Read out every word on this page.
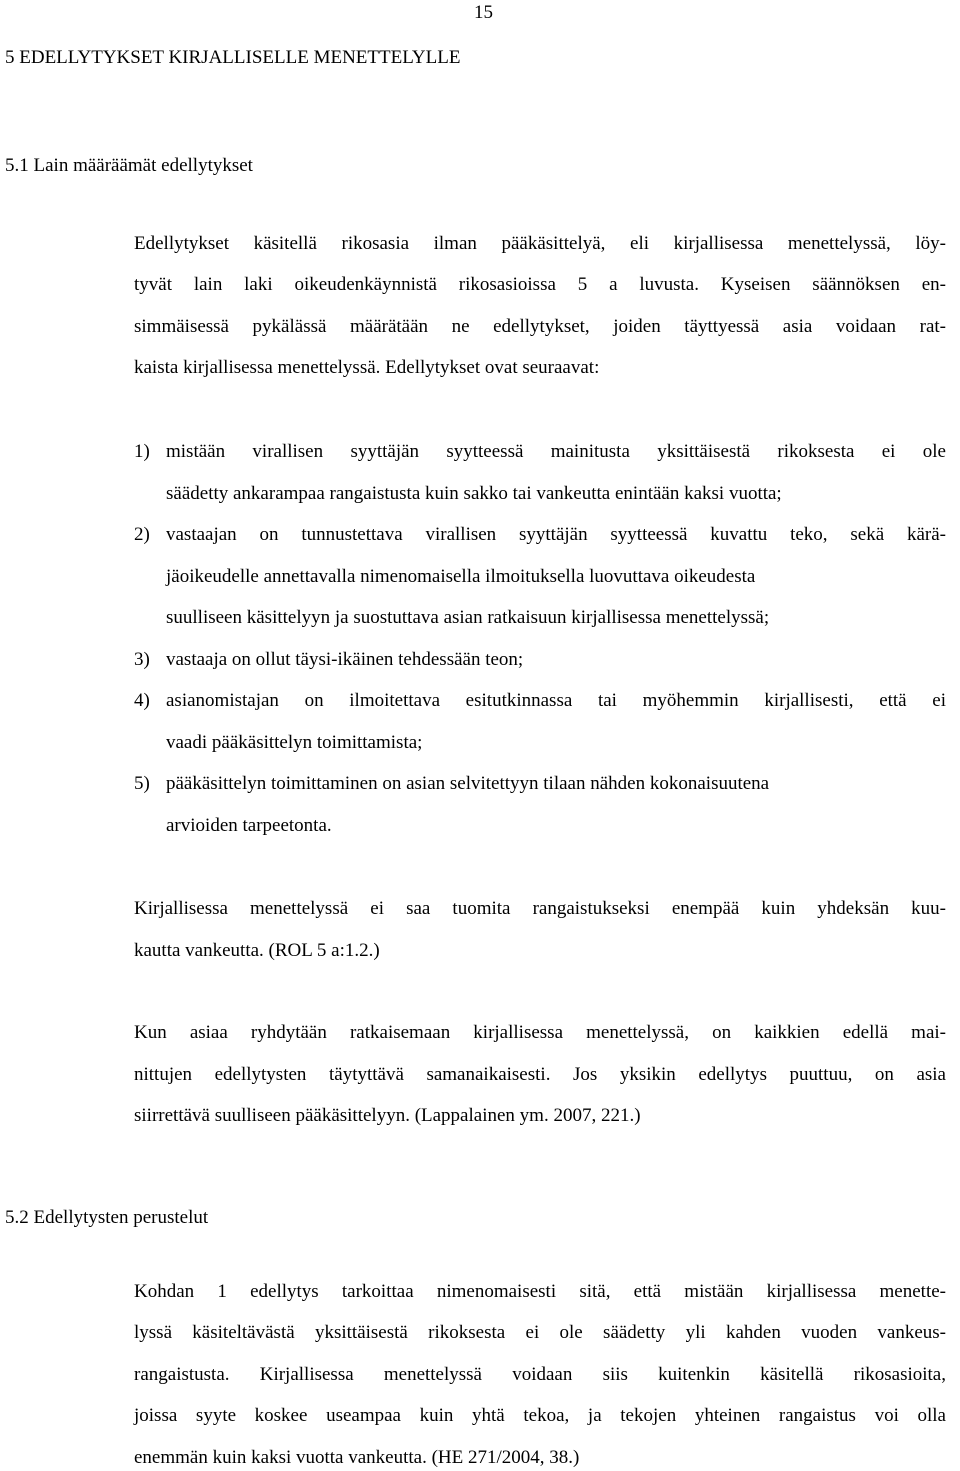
15
5 EDELLYTYKSET KIRJALLISELLE MENETTELYLLE
5.1 Lain määräämät edellytykset
Edellytykset käsitellä rikosasia ilman pääkäsittelyä, eli kirjallisessa menettelyssä, löy-
tyvät lain laki oikeudenkäynnistä rikosasioissa 5 a luvusta. Kyseisen säännöksen en-
simmäisessä pykälässä määrätään ne edellytykset, joiden täyttyessä asia voidaan rat-
kaista kirjallisessa menettelyssä. Edellytykset ovat seuraavat:
1) mistään virallisen syyttäjän syytteessä mainitusta yksittäisestä rikoksesta ei ole
säädetty ankarampaa rangaistusta kuin sakko tai vankeutta enintään kaksi vuotta;
2) vastaajan on tunnustettava virallisen syyttäjän syytteessä kuvattu teko, sekä kärä-
jäoikeudelle annettavalla nimenomaisella ilmoituksella luovuttava oikeudesta
suulliseen käsittelyyn ja suostuttava asian ratkaisuun kirjallisessa menettelyssä;
3) vastaaja on ollut täysi-ikäinen tehdessään teon;
4) asianomistajan on ilmoitettava esitutkinnassa tai myöhemmin kirjallisesti, että ei
vaadi pääkäsittelyn toimittamista;
5) pääkäsittelyn toimittaminen on asian selvitettyyn tilaan nähden kokonaisuutena
arvioiden tarpeetonta.
Kirjallisessa menettelyssä ei saa tuomita rangaistukseksi enempää kuin yhdeksän kuu-
kautta vankeutta. (ROL 5 a:1.2.)
Kun asiaa ryhdytään ratkaisemaan kirjallisessa menettelyssä, on kaikkien edellä mai-
nittujen edellytysten täytyttävä samanaikaisesti. Jos yksikin edellytys puuttuu, on asia
siirrettävä suulliseen pääkäsittelyyn. (Lappalainen ym. 2007, 221.)
5.2 Edellytysten perustelut
Kohdan 1 edellytys tarkoittaa nimenomaisesti sitä, että mistään kirjallisessa menette-
lyssä käsiteltävästä yksittäisestä rikoksesta ei ole säädetty yli kahden vuoden vankeus-
rangaistusta. Kirjallisessa menettelyssä voidaan siis kuitenkin käsitellä rikosasioita,
joissa syyte koskee useampaa kuin yhtä tekoa, ja tekojen yhteinen rangaistus voi olla
enemmän kuin kaksi vuotta vankeutta. (HE 271/2004, 38.)
